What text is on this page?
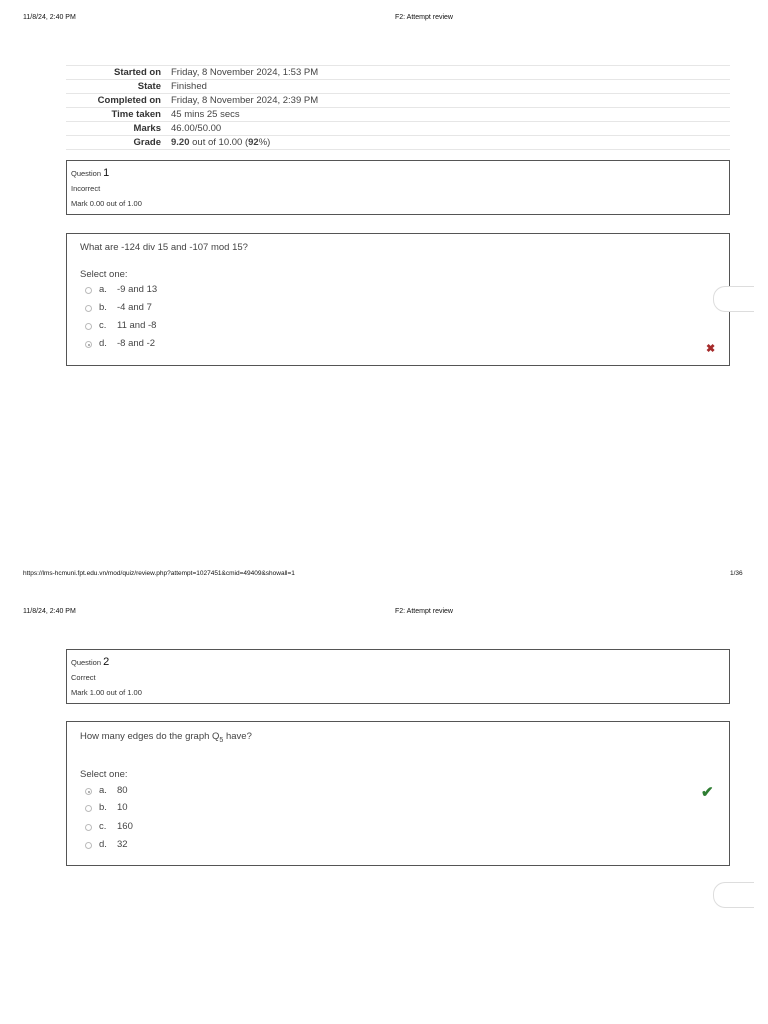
11/8/24, 2:40 PM	F2: Attempt review
Started on	Friday, 8 November 2024, 1:53 PM
State	Finished
Completed on	Friday, 8 November 2024, 2:39 PM
Time taken	45 mins 25 secs
Marks	46.00/50.00
Grade	9.20 out of 10.00 (92%)
Question 1
Incorrect
Mark 0.00 out of 1.00
What are -124 div 15 and -107 mod 15?
Select one:
a. -9 and 13
b. -4 and 7
c. 11 and -8
d. -8 and -2	✖
https://lms-hcmuni.fpt.edu.vn/mod/quiz/review.php?attempt=1027451&cmid=49409&showall=1	1/36
11/8/24, 2:40 PM	F2: Attempt review
Question 2
Correct
Mark 1.00 out of 1.00
How many edges do the graph $Q_5$ have?
Select one:
a. 80
b. 10
c. 160
d. 32
✔
